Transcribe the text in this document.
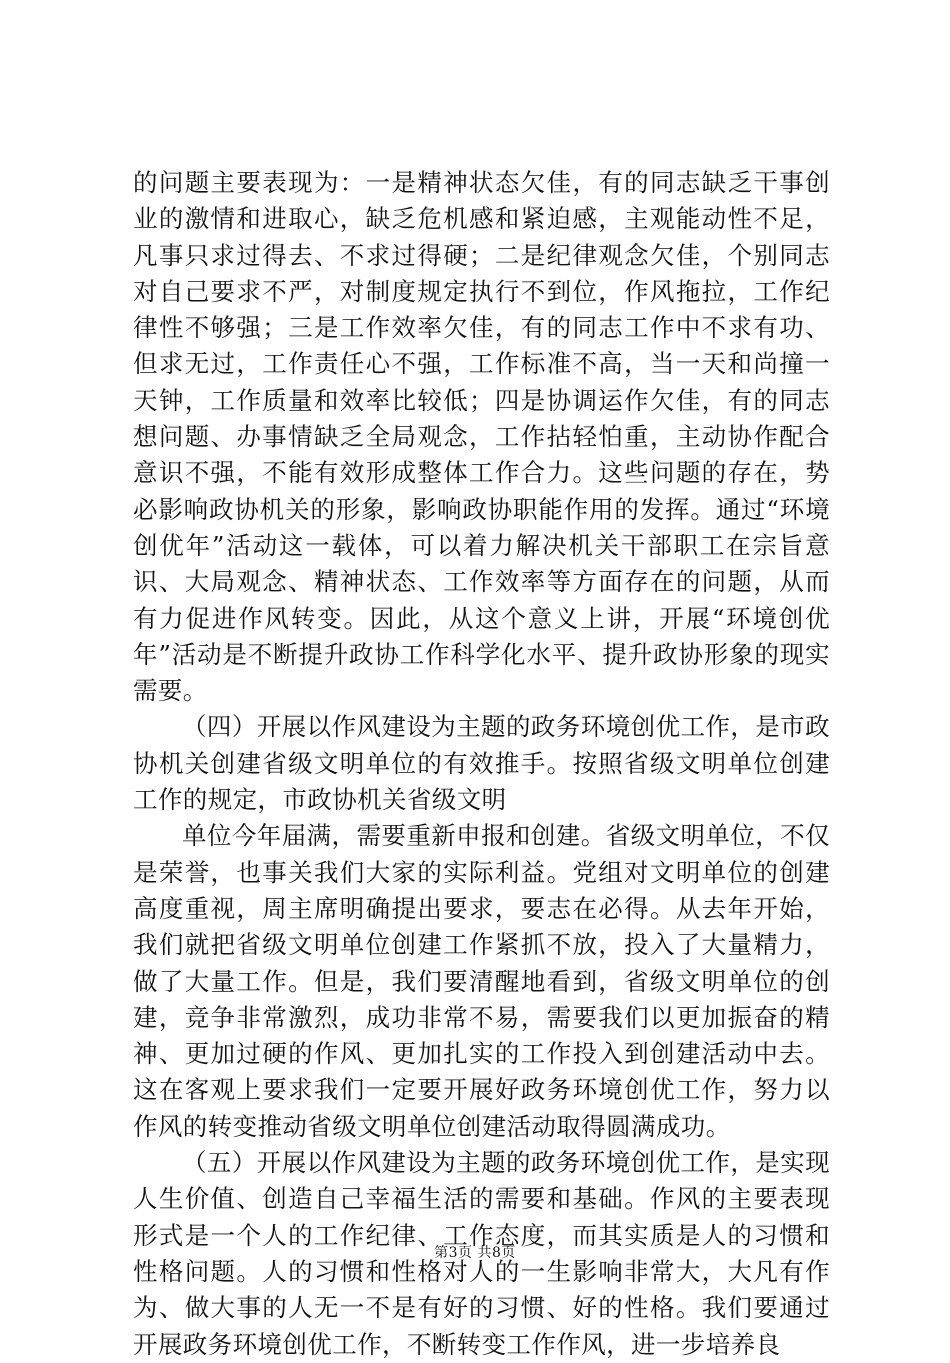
的问题主要表现为：一是精神状态欠佳，有的同志缺乏干事创业的激情和进取心，缺乏危机感和紧迫感，主观能动性不足，凡事只求过得去、不求过得硬；二是纪律观念欠佳，个别同志对自己要求不严，对制度规定执行不到位，作风拖拉，工作纪律性不够强；三是工作效率欠佳，有的同志工作中不求有功、但求无过，工作责任心不强，工作标准不高，当一天和尚撞一天钟，工作质量和效率比较低；四是协调运作欠佳，有的同志想问题、办事情缺乏全局观念，工作拈轻怕重，主动协作配合意识不强，不能有效形成整体工作合力。这些问题的存在，势必影响政协机关的形象，影响政协职能作用的发挥。通过“环境创优年”活动这一载体，可以着力解决机关干部职工在宗旨意识、大局观念、精神状态、工作效率等方面存在的问题，从而有力促进作风转变。因此，从这个意义上讲，开展“环境创优年”活动是不断提升政协工作科学化水平、提升政协形象的现实需要。

（四）开展以作风建设为主题的政务环境创优工作，是市政协机关创建省级文明单位的有效推手。按照省级文明单位创建工作的规定，市政协机关省级文明

单位今年届满，需要重新申报和创建。省级文明单位，不仅是荣誉，也事关我们大家的实际利益。党组对文明单位的创建高度重视，周主席明确提出要求，要志在必得。从去年开始，我们就把省级文明单位创建工作紧抓不放，投入了大量精力，做了大量工作。但是，我们要清醒地看到，省级文明单位的创建，竞争非常激烈，成功非常不易，需要我们以更加振奋的精神、更加过硬的作风、更加扎实的工作投入到创建活动中去。这在客观上要求我们一定要开展好政务环境创优工作，努力以作风的转变推动省级文明单位创建活动取得圆满成功。

（五）开展以作风建设为主题的政务环境创优工作，是实现人生价值、创造自己幸福生活的需要和基础。作风的主要表现形式是一个人的工作纪律、工作态度，而其实质是人的习惯和性格问题。人的习惯和性格对人的一生影响非常大，大凡有作为、做大事的人无一不是有好的习惯、好的性格。我们要通过开展政务环境创优工作，不断转变工作作风，进一步培养良

第3页 共8页
